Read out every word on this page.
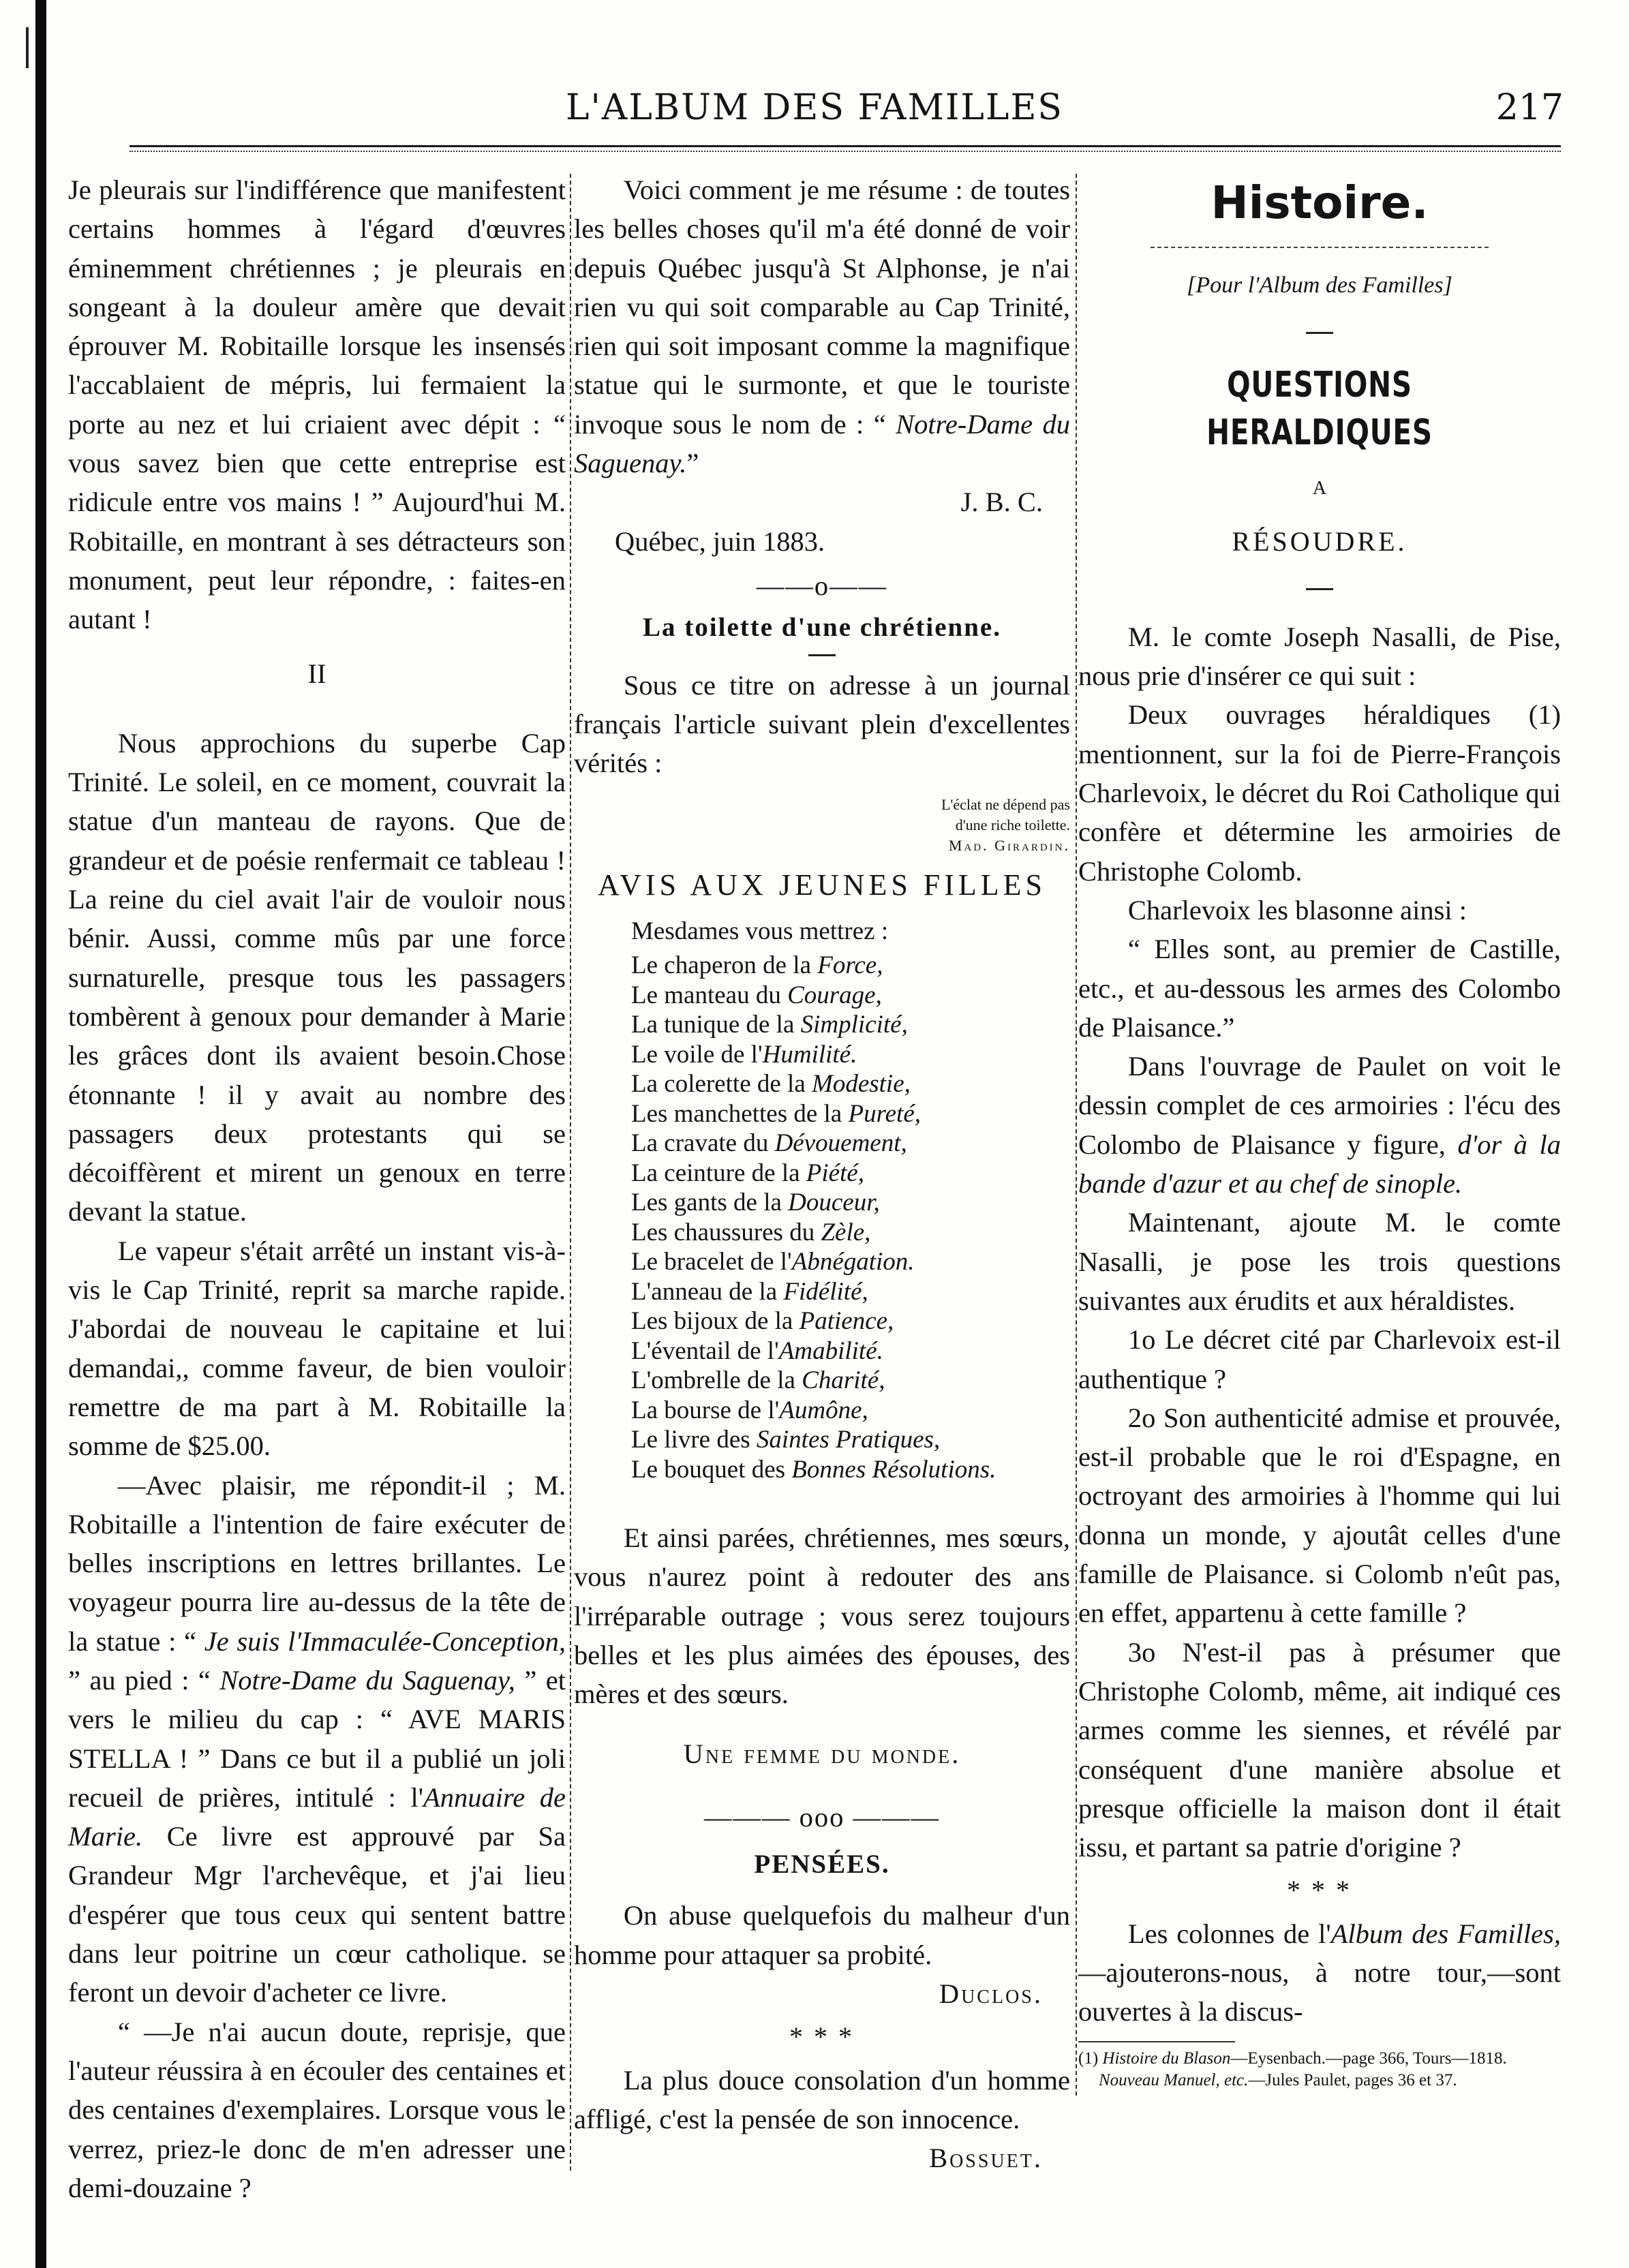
L'ALBUM DES FAMILLES	217

Je pleurais sur l'indifférence que manifestent certains hommes à l'égard d'œuvres éminemment chrétiennes ; je pleurais en songeant à la douleur amère que devait éprouver M. Robitaille lorsque les insensés l'accablaient de mépris, lui fermaient la porte au nez et lui criaient avec dépit : “ vous savez bien que cette entreprise est ridicule entre vos mains ! ” Aujourd'hui M. Robitaille, en montrant à ses détracteurs son monument, peut leur répondre, : faites-en autant !

II

Nous approchions du superbe Cap Trinité. Le soleil, en ce moment, couvrait la statue d'un manteau de rayons. Que de grandeur et de poésie renfermait ce tableau ! La reine du ciel avait l'air de vouloir nous bénir. Aussi, comme mûs par une force surnaturelle, presque tous les passagers tombèrent à genoux pour demander à Marie les grâces dont ils avaient besoin.Chose étonnante ! il y avait au nombre des passagers deux protestants qui se décoiffèrent et mirent un genoux en terre devant la statue.

Le vapeur s'était arrêté un instant vis-à-vis le Cap Trinité, reprit sa marche rapide. J'abordai de nouveau le capitaine et lui demandai,, comme faveur, de bien vouloir remettre de ma part à M. Robitaille la somme de $25.00.

—Avec plaisir, me répondit-il ; M. Robitaille a l'intention de faire exécuter de belles inscriptions en lettres brillantes. Le voyageur pourra lire au-dessus de la tête de la statue : “ Je suis l'Immaculée-Conception, ” au pied : “ Notre-Dame du Saguenay, ” et vers le milieu du cap : “ AVE MARIS STELLA ! ” Dans ce but il a publié un joli recueil de prières, intitulé : l'Annuaire de Marie. Ce livre est approuvé par Sa Grandeur Mgr l'archevêque, et j'ai lieu d'espérer que tous ceux qui sentent battre dans leur poitrine un cœur catholique. se feront un devoir d'acheter ce livre.

“ —Je n'ai aucun doute, reprisje, que l'auteur réussira à en écouler des centaines et des centaines d'exemplaires. Lorsque vous le verrez, priez-le donc de m'en adresser une demi-douzaine ?

Voici comment je me résume : de toutes les belles choses qu'il m'a été donné de voir depuis Québec jusqu'à St Alphonse, je n'ai rien vu qui soit comparable au Cap Trinité, rien qui soit imposant comme la magnifique statue qui le surmonte, et que le touriste invoque sous le nom de : “ Notre-Dame du Saguenay.”

J. B. C.
Québec, juin 1883.
——o——
La toilette d'une chrétienne.

Sous ce titre on adresse à un journal français l'article suivant plein d'excellentes vérités :

L'éclat ne dépend pas
d'une riche toilette.
Mad. Girardin.
AVIS AUX JEUNES FILLES
Mesdames vous mettrez :
Le chaperon de la Force,
Le manteau du Courage,
La tunique de la Simplicité,
Le voile de l'Humilité.
La colerette de la Modestie,
Les manchettes de la Pureté,
La cravate du Dévouement,
La ceinture de la Piété,
Les gants de la Douceur,
Les chaussures du Zèle,
Le bracelet de l'Abnégation.
L'anneau de la Fidélité,
Les bijoux de la Patience,
L'éventail de l'Amabilité.
L'ombrelle de la Charité,
La bourse de l'Aumône,
Le livre des Saintes Pratiques,
Le bouquet des Bonnes Résolutions.

Et ainsi parées, chrétiennes, mes sœurs, vous n'aurez point à redouter des ans l'irréparable outrage ; vous serez toujours belles et les plus aimées des épouses, des mères et des sœurs.

Une femme du monde.
——— ooo ———
PENSÉES.

On abuse quelquefois du malheur d'un homme pour attaquer sa probité.

Duclos.
* * *

La plus douce consolation d'un homme affligé, c'est la pensée de son innocence.

Bossuet.
Histoire.
[Pour l'Album des Familles]
QUESTIONS HERALDIQUES
A
RÉSOUDRE.

M. le comte Joseph Nasalli, de Pise, nous prie d'insérer ce qui suit :

Deux ouvrages héraldiques (1) mentionnent, sur la foi de Pierre-François Charlevoix, le décret du Roi Catholique qui confère et détermine les armoiries de Christophe Colomb.

Charlevoix les blasonne ainsi :

“ Elles sont, au premier de Castille, etc., et au-dessous les armes des Colombo de Plaisance.”

Dans l'ouvrage de Paulet on voit le dessin complet de ces armoiries : l'écu des Colombo de Plaisance y figure, d'or à la bande d'azur et au chef de sinople.

Maintenant, ajoute M. le comte Nasalli, je pose les trois questions suivantes aux érudits et aux héraldistes.

1o Le décret cité par Charlevoix est-il authentique ?

2o Son authenticité admise et prouvée, est-il probable que le roi d'Espagne, en octroyant des armoiries à l'homme qui lui donna un monde, y ajoutât celles d'une famille de Plaisance. si Colomb n'eût pas, en effet, appartenu à cette famille ?

3o N'est-il pas à présumer que Christophe Colomb, même, ait indiqué ces armes comme les siennes, et révélé par conséquent d'une manière absolue et presque officielle la maison dont il était issu, et partant sa patrie d'origine ?

* * *

Les colonnes de l'Album des Familles,—ajouterons-nous, à notre tour,—sont ouvertes à la discus-

(1) Histoire du Blason—Eysenbach.—page 366, Tours—1818.
Nouveau Manuel, etc.—Jules Paulet, pages 36 et 37.
